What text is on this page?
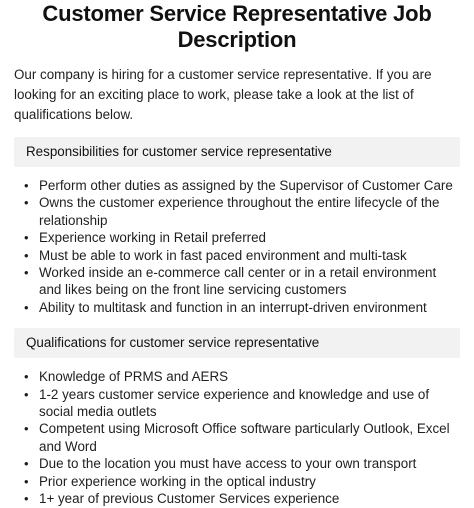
Customer Service Representative Job
Description

Our company is hiring for a customer service representative. If you are looking for an exciting place to work, please take a look at the list of qualifications below.

Responsibilities for customer service representative
• Perform other duties as assigned by the Supervisor of Customer Care
• Owns the customer experience throughout the entire lifecycle of the relationship
• Experience working in Retail preferred
• Must be able to work in fast paced environment and multi-task
• Worked inside an e-commerce call center or in a retail environment and likes being on the front line servicing customers
• Ability to multitask and function in an interrupt-driven environment
Qualifications for customer service representative
• Knowledge of PRMS and AERS
• 1-2 years customer service experience and knowledge and use of social media outlets
• Competent using Microsoft Office software particularly Outlook, Excel and Word
• Due to the location you must have access to your own transport
• Prior experience working in the optical industry
• 1+ year of previous Customer Services experience
